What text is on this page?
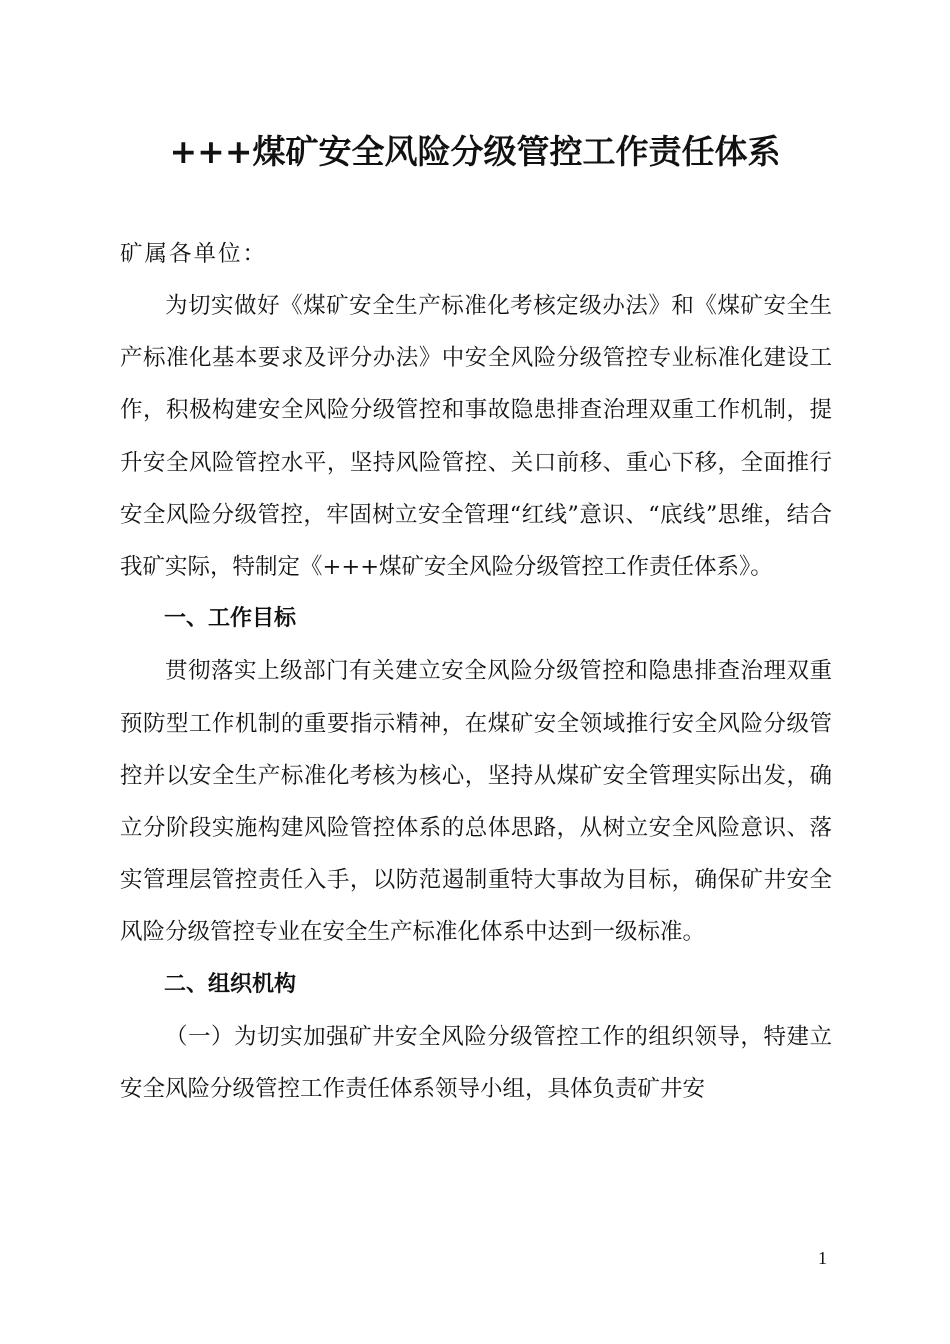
+++煤矿安全风险分级管控工作责任体系
矿属各单位：

为切实做好《煤矿安全生产标准化考核定级办法》和《煤矿安全生产标准化基本要求及评分办法》中安全风险分级管控专业标准化建设工作，积极构建安全风险分级管控和事故隐患排查治理双重工作机制，提升安全风险管控水平，坚持风险管控、关口前移、重心下移，全面推行安全风险分级管控，牢固树立安全管理“红线”意识、“底线”思维，结合我矿实际，特制定《+++煤矿安全风险分级管控工作责任体系》。

一、工作目标

贯彻落实上级部门有关建立安全风险分级管控和隐患排查治理双重预防型工作机制的重要指示精神，在煤矿安全领域推行安全风险分级管控并以安全生产标准化考核为核心，坚持从煤矿安全管理实际出发，确立分阶段实施构建风险管控体系的总体思路，从树立安全风险意识、落实管理层管控责任入手，以防范遏制重特大事故为目标，确保矿井安全风险分级管控专业在安全生产标准化体系中达到一级标准。

二、组织机构

（一）为切实加强矿井安全风险分级管控工作的组织领导，特建立安全风险分级管控工作责任体系领导小组，具体负责矿井安

1
